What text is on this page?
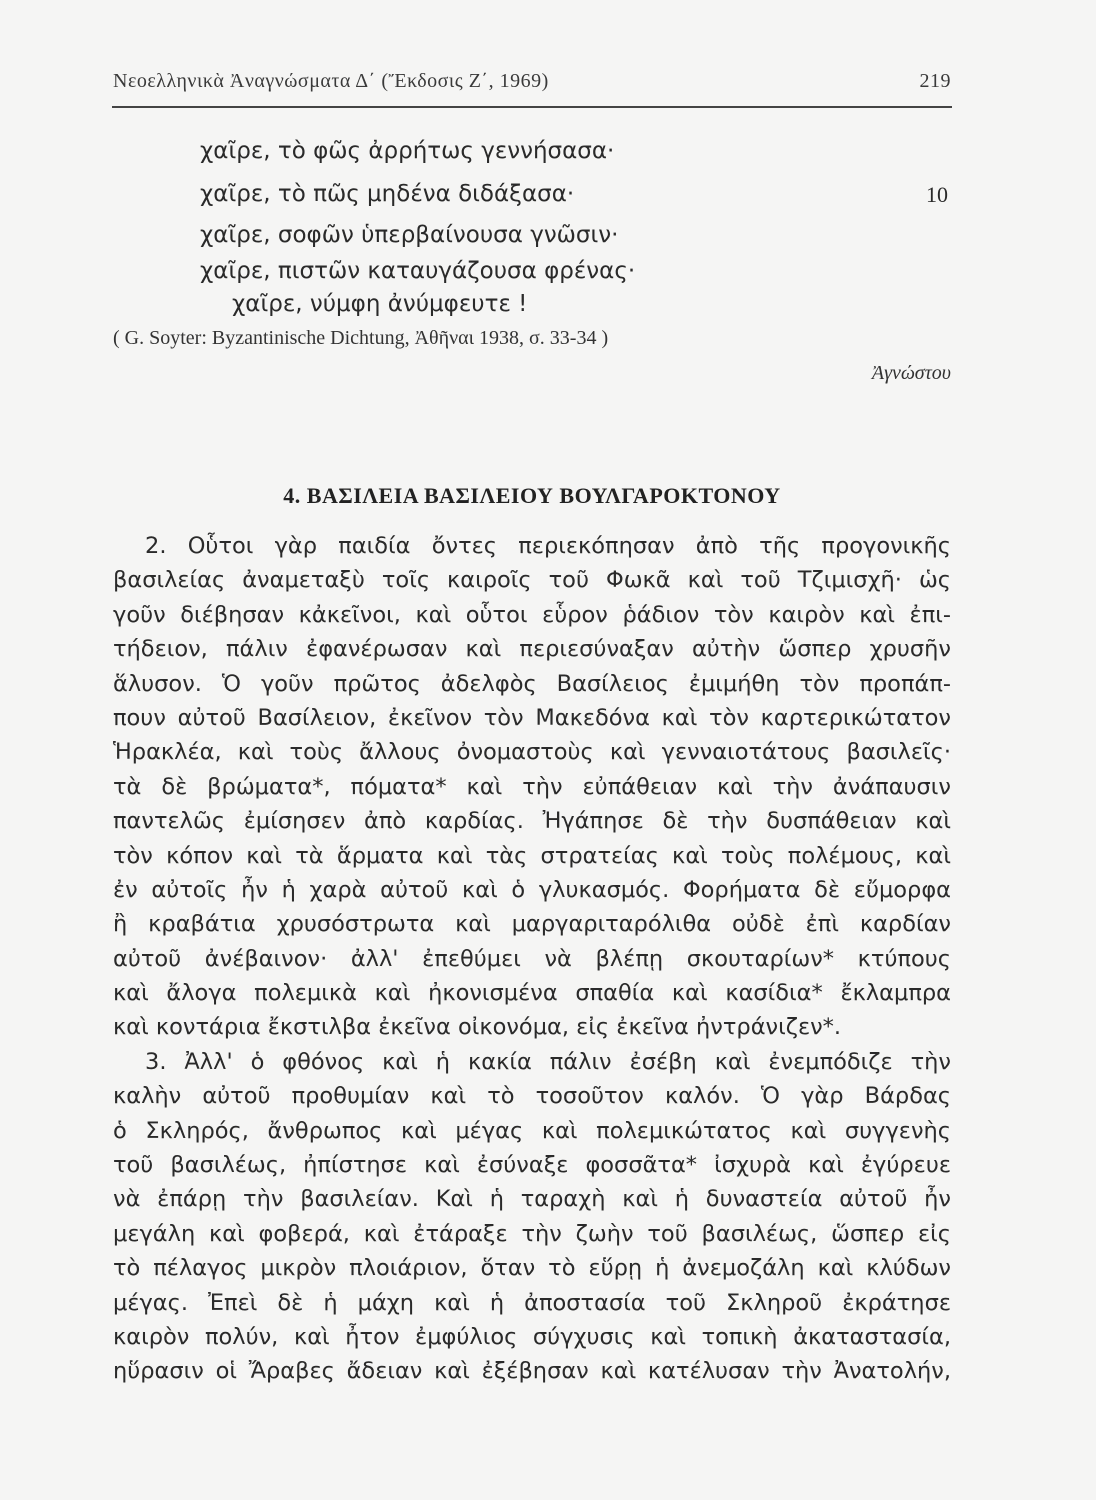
Νεοελληνικὰ Ἀναγνώσματα Δ΄ (Ἔκδοσις Ζ΄, 1969)	219
χαῖρε, τὸ φῶς ἀρρήτως γεννήσασα·
χαῖρε, τὸ πῶς μηδένα διδάξασα·	10
χαῖρε, σοφῶν ὑπερβαίνουσα γνῶσιν·
χαῖρε, πιστῶν καταυγάζουσα φρένας·
χαῖρε, νύμφη ἀνύμφευτε !
( G. Soyter: Byzantinische Dichtung, Ἀθῆναι 1938, σ. 33-34 )
Ἀγνώστου
4. ΒΑΣΙΛΕΙΑ ΒΑΣΙΛΕΙΟΥ ΒΟΥΛΓΑΡΟΚΤΟΝΟΥ
2. Οὗτοι γὰρ παιδία ὄντες περιεκόπησαν ἀπὸ τῆς προγονικῆς
βασιλείας ἀναμεταξὺ τοῖς καιροῖς τοῦ Φωκᾶ καὶ τοῦ Τζιμισχῆ· ὡς
γοῦν διέβησαν κἀκεῖνοι, καὶ οὗτοι εὗρον ῥάδιον τὸν καιρὸν καὶ ἐπι-
τήδειον, πάλιν ἐφανέρωσαν καὶ περιεσύναξαν αὐτὴν ὥσπερ χρυσῆν
ἅλυσον. Ὁ γοῦν πρῶτος ἀδελφὸς Βασίλειος ἐμιμήθη τὸν προπάπ-
πουν αὐτοῦ Βασίλειον, ἐκεῖνον τὸν Μακεδόνα καὶ τὸν καρτερικώτατον
Ἡρακλέα, καὶ τοὺς ἄλλους ὀνομαστοὺς καὶ γενναιοτάτους βασιλεῖς·
τὰ δὲ βρώματα*, πόματα* καὶ τὴν εὐπάθειαν καὶ τὴν ἀνάπαυσιν
παντελῶς ἐμίσησεν ἀπὸ καρδίας. Ἠγάπησε δὲ τὴν δυσπάθειαν καὶ
τὸν κόπον καὶ τὰ ἅρματα καὶ τὰς στρατείας καὶ τοὺς πολέμους, καὶ
ἐν αὐτοῖς ἦν ἡ χαρὰ αὐτοῦ καὶ ὁ γλυκασμός. Φορήματα δὲ εὔμορφα
ἢ κραβάτια χρυσόστρωτα καὶ μαργαριταρόλιθα οὐδὲ ἐπὶ καρδίαν
αὐτοῦ ἀνέβαινον· ἀλλ' ἐπεθύμει νὰ βλέπῃ σκουταρίων* κτύπους
καὶ ἄλογα πολεμικὰ καὶ ἠκονισμένα σπαθία καὶ κασίδια* ἔκλαμπρα
καὶ κοντάρια ἔκστιλβα ἐκεῖνα οἰκονόμα, εἰς ἐκεῖνα ἠντράνιζεν*.
3. Ἀλλ' ὁ φθόνος καὶ ἡ κακία πάλιν ἐσέβη καὶ ἐνεμπόδιζε τὴν
καλὴν αὐτοῦ προθυμίαν καὶ τὸ τοσοῦτον καλόν. Ὁ γὰρ Βάρδας
ὁ Σκληρός, ἄνθρωπος καὶ μέγας καὶ πολεμικώτατος καὶ συγγενὴς
τοῦ βασιλέως, ἠπίστησε καὶ ἐσύναξε φοσσᾶτα* ἰσχυρὰ καὶ ἐγύρευε
νὰ ἐπάρῃ τὴν βασιλείαν. Καὶ ἡ ταραχὴ καὶ ἡ δυναστεία αὐτοῦ ἦν
μεγάλη καὶ φοβερά, καὶ ἐτάραξε τὴν ζωὴν τοῦ βασιλέως, ὥσπερ εἰς
τὸ πέλαγος μικρὸν πλοιάριον, ὅταν τὸ εὕρῃ ἡ ἀνεμοζάλη καὶ κλύδων
μέγας. Ἐπεὶ δὲ ἡ μάχη καὶ ἡ ἀποστασία τοῦ Σκληροῦ ἐκράτησε
καιρὸν πολύν, καὶ ἦτον ἐμφύλιος σύγχυσις καὶ τοπικὴ ἀκαταστασία,
ηὕρασιν οἱ Ἄραβες ἄδειαν καὶ ἐξέβησαν καὶ κατέλυσαν τὴν Ἀνατολήν,
